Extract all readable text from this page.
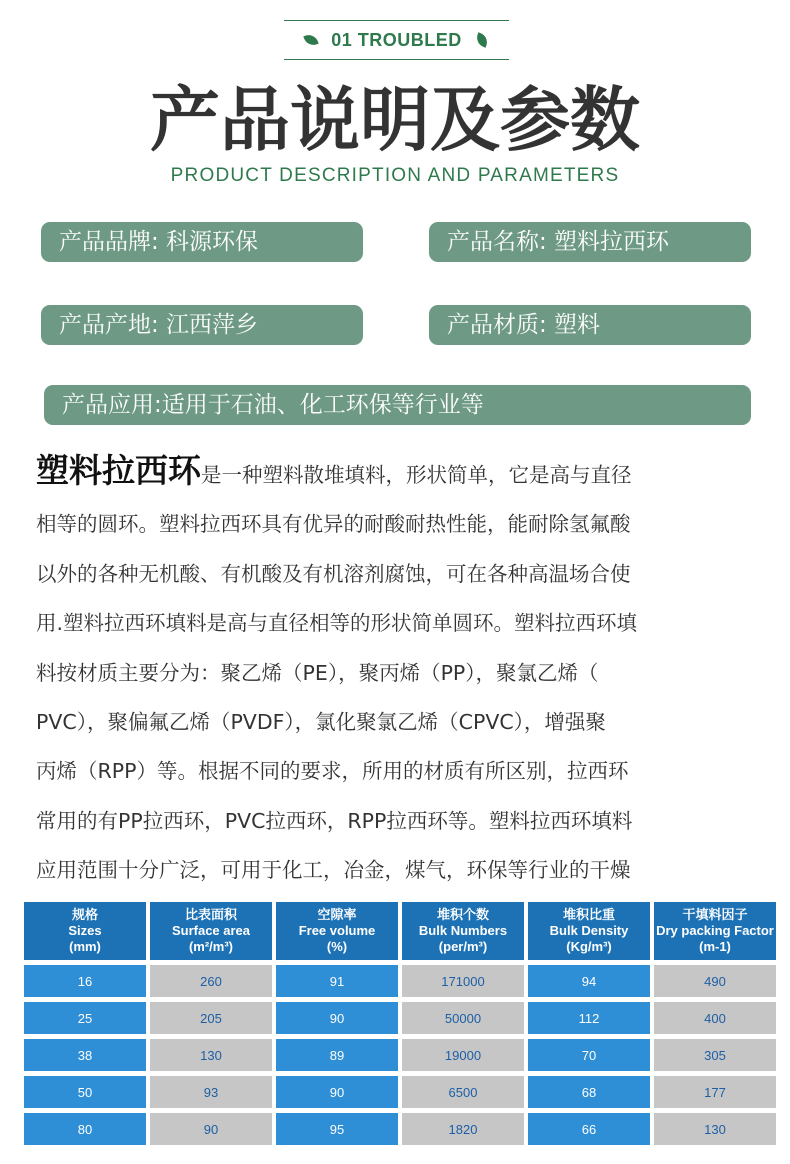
01 TROUBLED
产品说明及参数
PRODUCT DESCRIPTION AND PARAMETERS
产品品牌: 科源环保	产品名称: 塑料拉西环
产品产地: 江西萍乡	产品材质: 塑料
产品应用:适用于石油、化工环保等行业等

塑料拉西环是一种塑料散堆填料，形状简单，它是高与直径
相等的圆环。塑料拉西环具有优异的耐酸耐热性能，能耐除氢氟酸
以外的各种无机酸、有机酸及有机溶剂腐蚀，可在各种高温场合使
用.塑料拉西环填料是高与直径相等的形状简单圆环。塑料拉西环填
料按材质主要分为：聚乙烯（PE），聚丙烯（PP），聚氯乙烯（
PVC），聚偏氟乙烯（PVDF），氯化聚氯乙烯（CPVC），增强聚
丙烯（RPP）等。根据不同的要求，所用的材质有所区别，拉西环
常用的有PP拉西环，PVC拉西环，RPP拉西环等。塑料拉西环填料
应用范围十分广泛，可用于化工，冶金，煤气，环保等行业的干燥

规格
Sizes
(mm)	比表面积
Surface area
(m²/m³)	空隙率
Free volume
(%)	堆积个数
Bulk Numbers
(per/m³)	堆积比重
Bulk Density
(Kg/m³)	干填料因子
Dry packing Factor
(m-1)

16	260	91	171000	94	490
25	205	90	50000	112	400
38	130	89	19000	70	305
50	93	90	6500	68	177
80	90	95	1820	66	130
